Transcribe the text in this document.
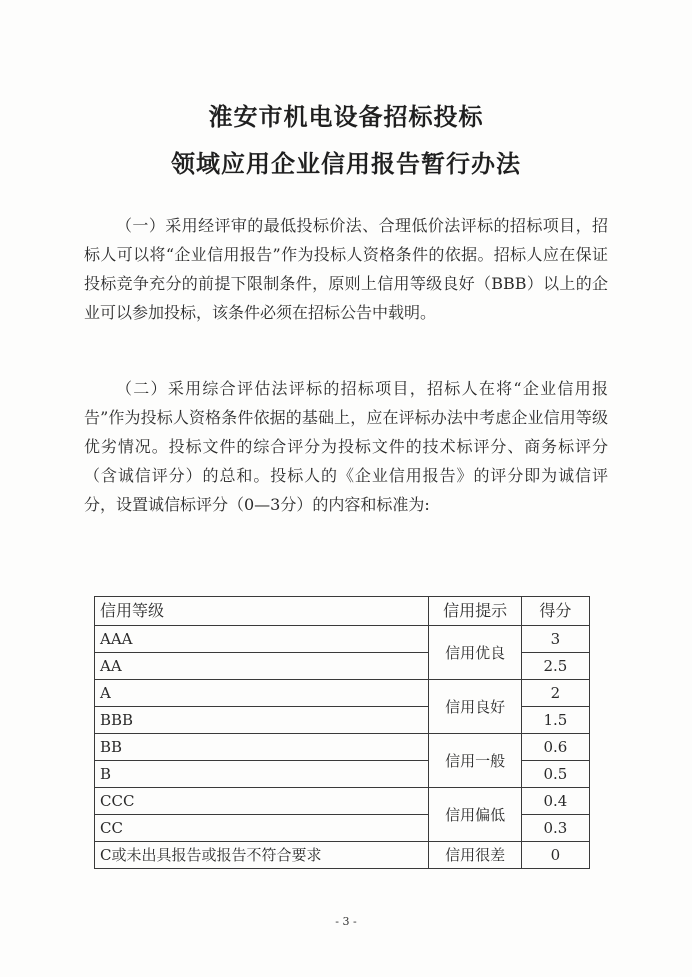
淮安市机电设备招标投标
领域应用企业信用报告暂行办法

（一）采用经评审的最低投标价法、合理低价法评标的招标项目，招标人可以将“企业信用报告”作为投标人资格条件的依据。招标人应在保证投标竞争充分的前提下限制条件，原则上信用等级良好（BBB）以上的企业可以参加投标，该条件必须在招标公告中载明。

（二）采用综合评估法评标的招标项目，招标人在将“企业信用报告”作为投标人资格条件依据的基础上，应在评标办法中考虑企业信用等级优劣情况。投标文件的综合评分为投标文件的技术标评分、商务标评分（含诚信评分）的总和。投标人的《企业信用报告》的评分即为诚信评分，设置诚信标评分（0—3分）的内容和标准为:

信用等级	信用提示	得分
AAA	信用优良	3
AA		2.5
A	信用良好	2
BBB		1.5
BB	信用一般	0.6
B		0.5
CCC	信用偏低	0.4
CC		0.3
C或未出具报告或报告不符合要求	信用很差	0
- 3 -
